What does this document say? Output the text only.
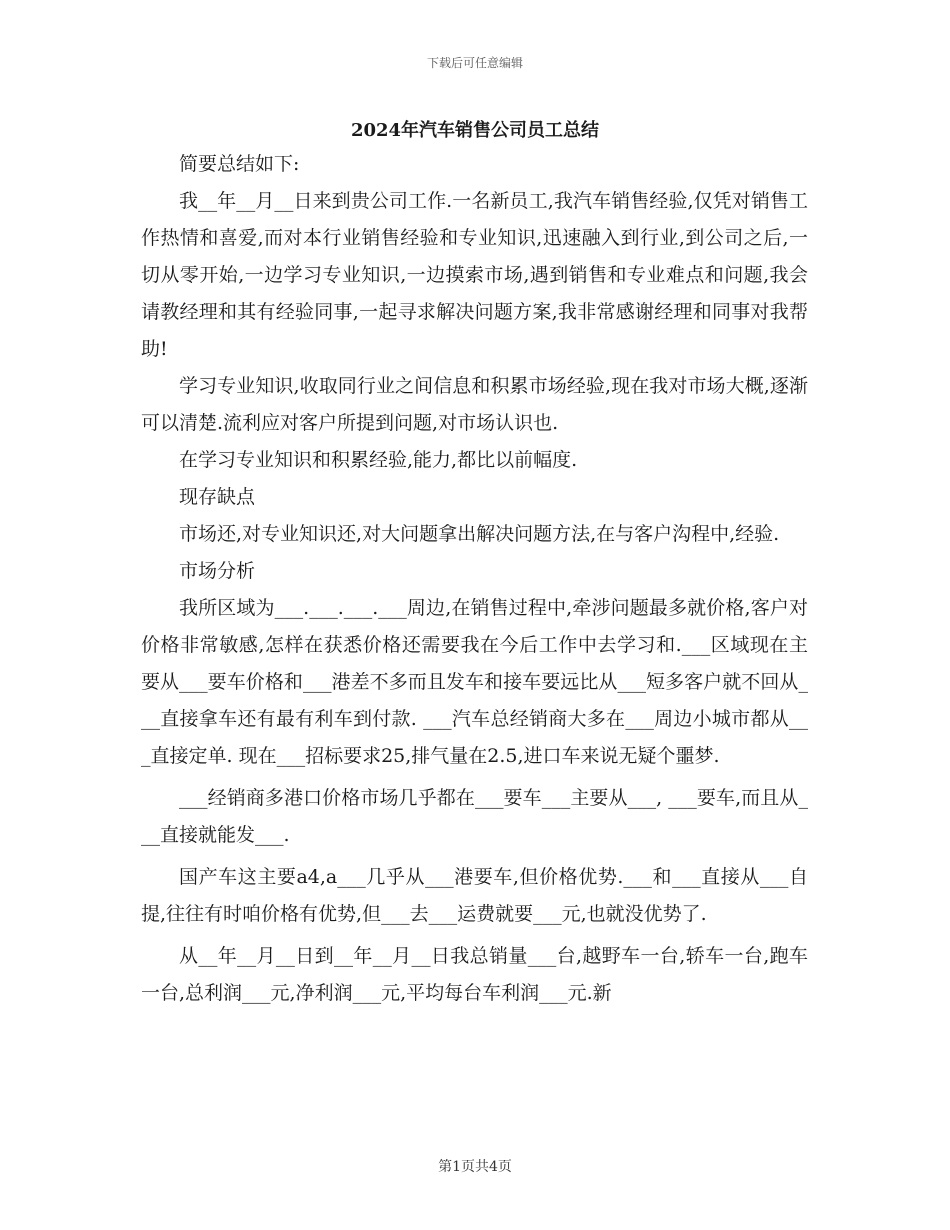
下载后可任意编辑
2024年汽车销售公司员工总结

简要总结如下:

我__年__月__日来到贵公司工作.一名新员工,我汽车销售经验,仅凭对销售工作热情和喜爱,而对本行业销售经验和专业知识,迅速融入到行业,到公司之后,一切从零开始,一边学习专业知识,一边摸索市场,遇到销售和专业难点和问题,我会请教经理和其有经验同事,一起寻求解决问题方案,我非常感谢经理和同事对我帮助!

学习专业知识,收取同行业之间信息和积累市场经验,现在我对市场大概,逐渐可以清楚.流利应对客户所提到问题,对市场认识也.

在学习专业知识和积累经验,能力,都比以前幅度.

现存缺点

市场还,对专业知识还,对大问题拿出解决问题方法,在与客户沟程中,经验.

市场分析

我所区域为___.___.___.___周边,在销售过程中,牵涉问题最多就价格,客户对价格非常敏感,怎样在获悉价格还需要我在今后工作中去学习和.___区域现在主要从___要车价格和___港差不多而且发车和接车要远比从___短多客户就不回从___直接拿车还有最有利车到付款. ___汽车总经销商大多在___周边小城市都从___直接定单. 现在___招标要求25,排气量在2.5,进口车来说无疑个噩梦.

___经销商多港口价格市场几乎都在___要车___主要从___, ___要车,而且从___直接就能发___.

国产车这主要a4,a___几乎从___港要车,但价格优势.___和___直接从___自提,往往有时咱价格有优势,但___去___运费就要___元,也就没优势了.

从__年__月__日到__年__月__日我总销量___台,越野车一台,轿车一台,跑车一台,总利润___元,净利润___元,平均每台车利润___元.新

第1页共4页
